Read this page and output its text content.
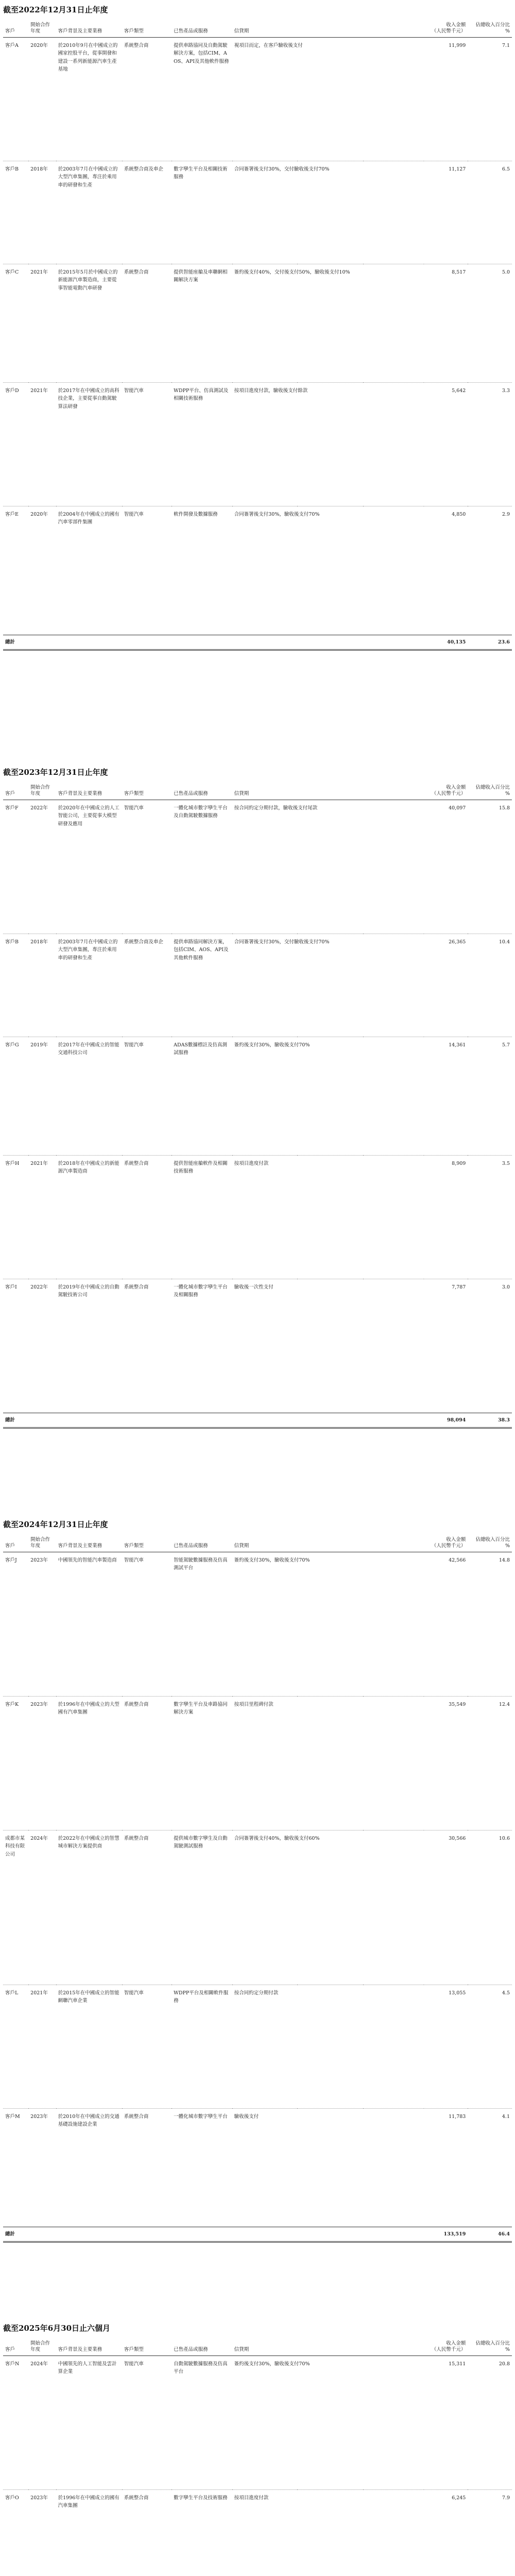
截至2022年12月31日止年度
客戶	開始合作年度	客戶背景及主要業務	客戶類型	已售產品或服務	信貸期			收入金額
（人民幣千元）	佔總收入百分比
%
客戶A	2020年	於2010年9月在中國成立的國家控股平台，從事開發和建設一系列新能源汽車生產基地	系統整合商	提供車路協同及自動駕駛解決方案，包括CIM、AOS、API及其他軟件服務	視項目而定，在客戶驗收後支付			11,999	7.1
客戶B	2018年	於2003年7月在中國成立的大型汽車集團，專注於乘用車的研發和生產	系統整合商及車企	數字孿生平台及相關技術服務	合同簽署後支付30%，交付驗收後支付70%			11,127	6.5
客戶C	2021年	於2015年5月於中國成立的新能源汽車製造商，主要從事智能電動汽車研發	系統整合商	提供智能座艙及車聯網相關解決方案	簽約後支付40%，交付後支付50%，驗收後支付10%			8,517	5.0
客戶D	2021年	於2017年在中國成立的高科技企業，主要從事自動駕駛算法研發	智能汽車	WDPP平台、仿真測試及相關技術服務	按項目進度付款，驗收後支付餘款			5,642	3.3
客戶E	2020年	於2004年在中國成立的國有汽車零部件集團	智能汽車	軟件開發及數據服務	合同簽署後支付30%，驗收後支付70%			4,850	2.9
總計								40,135	23.6
截至2023年12月31日止年度
客戶	開始合作年度	客戶背景及主要業務	客戶類型	已售產品或服務	信貸期			收入金額
（人民幣千元）	佔總收入百分比
%
客戶F	2022年	於2020年在中國成立的人工智能公司，主要從事大模型研發及應用	智能汽車	一體化城市數字孿生平台及自動駕駛數據服務	按合同約定分期付款，驗收後支付尾款			40,097	15.8
客戶B	2018年	於2003年7月在中國成立的大型汽車集團，專注於乘用車的研發和生產	系統整合商及車企	提供車路協同解決方案，包括CIM、AOS、API及其他軟件服務	合同簽署後支付30%，交付驗收後支付70%			26,365	10.4
客戶G	2019年	於2017年在中國成立的智能交通科技公司	智能汽車	ADAS數據標註及仿真測試服務	簽約後支付30%，驗收後支付70%			14,361	5.7
客戶H	2021年	於2018年在中國成立的新能源汽車製造商	系統整合商	提供智能座艙軟件及相關技術服務	按項目進度付款			8,909	3.5
客戶I	2022年	於2019年在中國成立的自動駕駛技術公司	系統整合商	一體化城市數字孿生平台及相關服務	驗收後一次性支付			7,787	3.0
總計								98,094	38.3
截至2024年12月31日止年度
客戶	開始合作年度	客戶背景及主要業務	客戶類型	已售產品或服務	信貸期			收入金額
（人民幣千元）	佔總收入百分比
%
客戶J	2023年	中國領先的智能汽車製造商	智能汽車	智能駕駛數據服務及仿真測試平台	簽約後支付30%，驗收後支付70%			42,566	14.8
客戶K	2023年	於1996年在中國成立的大型國有汽車集團	系統整合商	數字孿生平台及車路協同解決方案	按項目里程碑付款			35,549	12.4
成都市某科技有限公司	2024年	於2022年在中國成立的智慧城市解決方案提供商	系統整合商	提供城市數字孿生及自動駕駛測試服務	合同簽署後支付40%，驗收後支付60%			30,566	10.6
客戶L	2021年	於2015年在中國成立的智能網聯汽車企業	智能汽車	WDPP平台及相關軟件服務	按合同約定分期付款			13,055	4.5
客戶M	2023年	於2010年在中國成立的交通基礎設施建設企業	系統整合商	一體化城市數字孿生平台	驗收後支付			11,783	4.1
總計								133,519	46.4
截至2025年6月30日止六個月
客戶	開始合作年度	客戶背景及主要業務	客戶類型	已售產品或服務	信貸期			收入金額
（人民幣千元）	佔總收入百分比
%
客戶N	2024年	中國領先的人工智能及雲計算企業	智能汽車	自動駕駛數據服務及仿真平台	簽約後支付30%，驗收後支付70%			15,311	20.8
客戶O	2023年	於1996年在中國成立的國有汽車集團	系統整合商	數字孿生平台及技術服務	按項目進度付款			6,245	7.9
